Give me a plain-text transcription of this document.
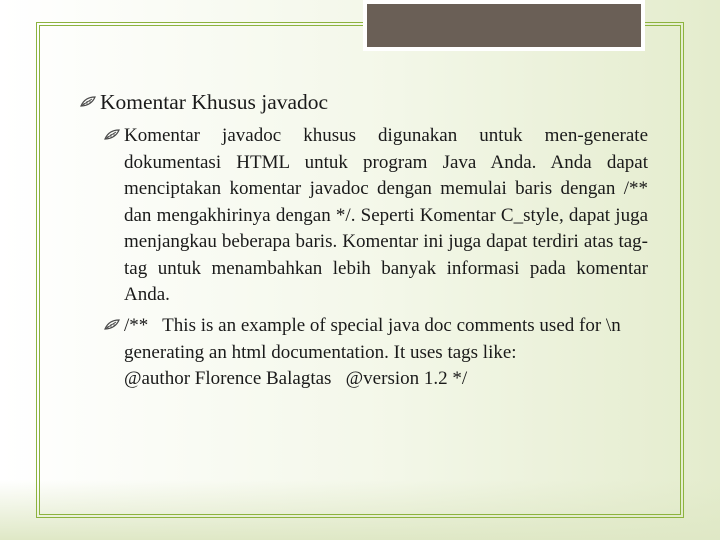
Komentar Khusus javadoc
Komentar javadoc khusus digunakan untuk men-generate dokumentasi HTML untuk program Java Anda. Anda dapat menciptakan komentar javadoc dengan memulai baris dengan /** dan mengakhirinya dengan */. Seperti Komentar C_style, dapat juga menjangkau beberapa baris. Komentar ini juga dapat terdiri atas tag-tag untuk menambahkan lebih banyak informasi pada komentar Anda.
/**   This is an example of special java doc comments used for \n  generating an html documentation. It uses tags like:
@author Florence Balagtas   @version 1.2 */
